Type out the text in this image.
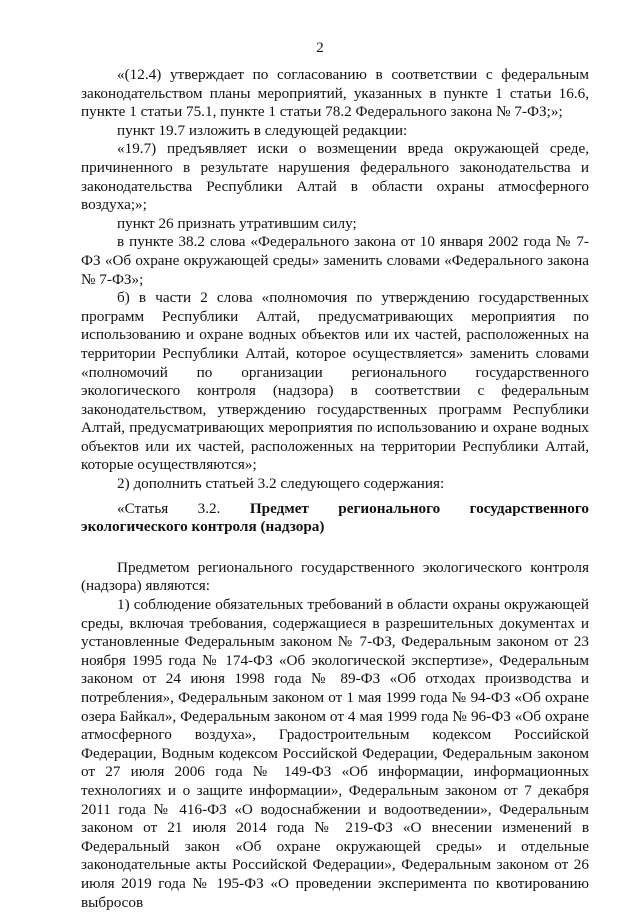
2

«(12.4) утверждает по согласованию в соответствии с федеральным законодательством планы мероприятий, указанных в пункте 1 статьи 16.6, пункте 1 статьи 75.1, пункте 1 статьи 78.2 Федерального закона № 7-ФЗ;»;

пункт 19.7 изложить в следующей редакции:

«19.7) предъявляет иски о возмещении вреда окружающей среде, причиненного в результате нарушения федерального законодательства и законодательства Республики Алтай в области охраны атмосферного воздуха;»;

пункт 26 признать утратившим силу;

в пункте 38.2 слова «Федерального закона от 10 января 2002 года № 7-ФЗ «Об охране окружающей среды» заменить словами «Федерального закона № 7-ФЗ»;

б) в части 2 слова «полномочия по утверждению государственных программ Республики Алтай, предусматривающих мероприятия по использованию и охране водных объектов или их частей, расположенных на территории Республики Алтай, которое осуществляется» заменить словами «полномочий по организации регионального государственного экологического контроля (надзора) в соответствии с федеральным законодательством, утверждению государственных программ Республики Алтай, предусматривающих мероприятия по использованию и охране водных объектов или их частей, расположенных на территории Республики Алтай, которые осуществляются»;

2) дополнить статьей 3.2 следующего содержания:

«Статья 3.2. Предмет регионального государственного экологического контроля (надзора)

Предметом регионального государственного экологического контроля (надзора) являются:

1) соблюдение обязательных требований в области охраны окружающей среды, включая требования, содержащиеся в разрешительных документах и установленные Федеральным законом № 7-ФЗ, Федеральным законом от 23 ноября 1995 года № 174-ФЗ «Об экологической экспертизе», Федеральным законом от 24 июня 1998 года № 89-ФЗ «Об отходах производства и потребления», Федеральным законом от 1 мая 1999 года № 94-ФЗ «Об охране озера Байкал», Федеральным законом от 4 мая 1999 года № 96-ФЗ «Об охране атмосферного воздуха», Градостроительным кодексом Российской Федерации, Водным кодексом Российской Федерации, Федеральным законом от 27 июля 2006 года № 149-ФЗ «Об информации, информационных технологиях и о защите информации», Федеральным законом от 7 декабря 2011 года № 416-ФЗ «О водоснабжении и водоотведении», Федеральным законом от 21 июля 2014 года № 219-ФЗ «О внесении изменений в Федеральный закон «Об охране окружающей среды» и отдельные законодательные акты Российской Федерации», Федеральным законом от 26 июля 2019 года № 195-ФЗ «О проведении эксперимента по квотированию выбросов
